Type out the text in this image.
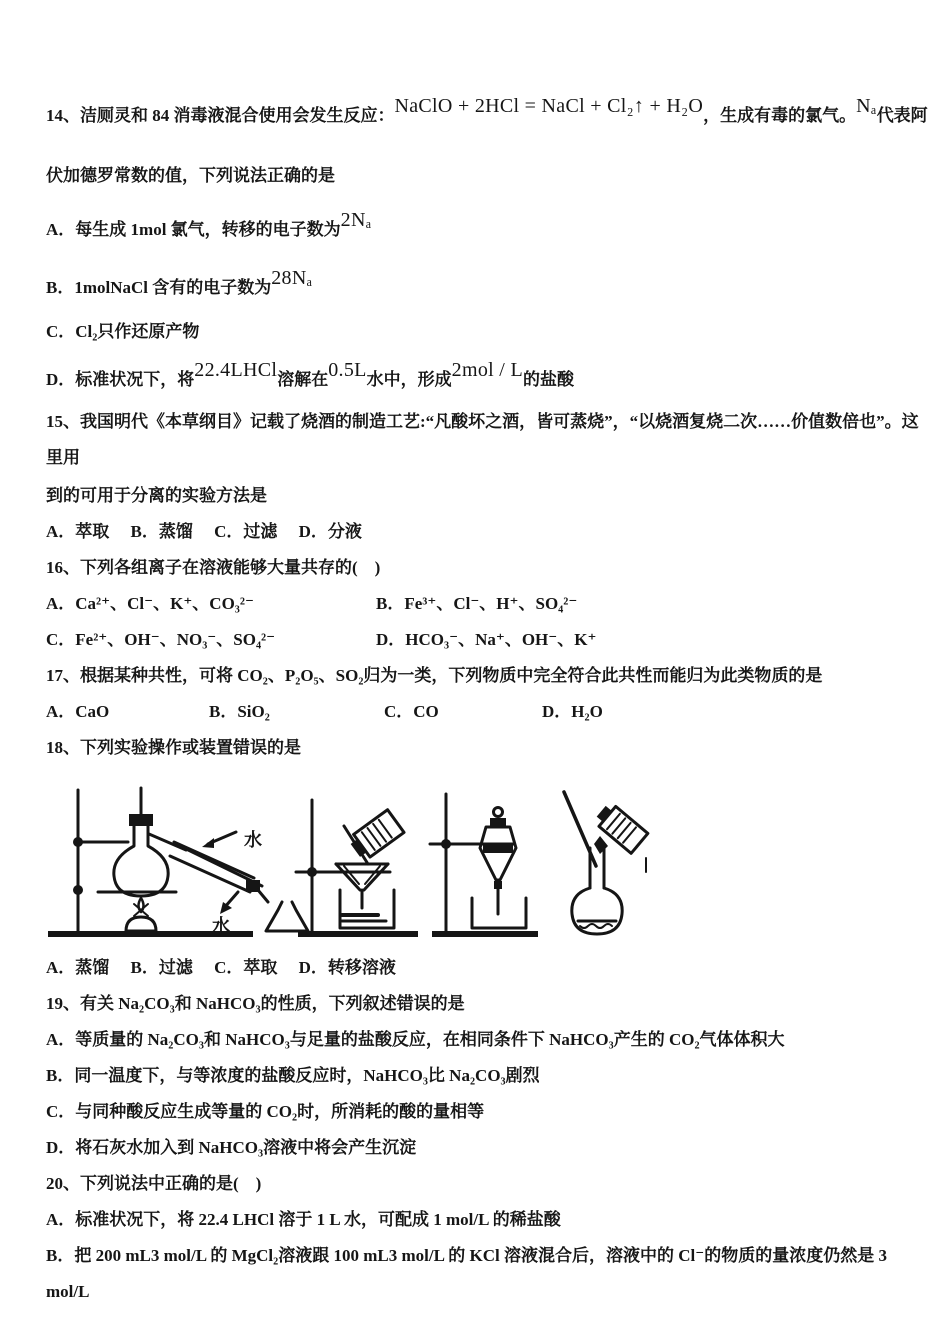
14、洁厕灵和 84 消毒液混合使用会发生反应：NaClO + 2HCl = NaCl + Cl₂↑ + H₂O，生成有毒的氯气。Nₐ代表阿
伏加德罗常数的值，下列说法正确的是
A．每生成 1mol 氯气，转移的电子数为2Nₐ
B．1molNaCl 含有的电子数为28Nₐ
C．Cl₂只作还原产物
D．标准状况下，将22.4LHCl溶解在0.5L水中，形成2mol / L的盐酸
15、我国明代《本草纲目》记载了烧酒的制造工艺:“凡酸坏之酒，皆可蒸烧”，“以烧酒复烧二次……价值数倍也”。这里用
到的可用于分离的实验方法是
A．萃取　 B．蒸馏　 C．过滤　 D．分液
16、下列各组离子在溶液能够大量共存的(　)
A．Ca²⁺、Cl⁻、K⁺、CO₃²⁻	B．Fe³⁺、Cl⁻、H⁺、SO₄²⁻
C．Fe²⁺、OH⁻、NO₃⁻、SO₄²⁻	D．HCO₃⁻、Na⁺、OH⁻、K⁺
17、根据某种共性，可将 CO₂、P₂O₅、SO₂归为一类，下列物质中完全符合此共性而能归为此类物质的是
A．CaO	B．SiO₂	C．CO	D．H₂O
18、下列实验操作或装置错误的是
水
水
A．蒸馏　 B．过滤　 C．萃取　 D．转移溶液
19、有关 Na₂CO₃和 NaHCO₃的性质，下列叙述错误的是
A．等质量的 Na₂CO₃和 NaHCO₃与足量的盐酸反应，在相同条件下 NaHCO₃产生的 CO₂气体体积大
B．同一温度下，与等浓度的盐酸反应时，NaHCO₃比 Na₂CO₃剧烈
C．与同种酸反应生成等量的 CO₂时，所消耗的酸的量相等
D．将石灰水加入到 NaHCO₃溶液中将会产生沉淀
20、下列说法中正确的是(　)
A．标准状况下，将 22.4 LHCl 溶于 1 L 水，可配成 1 mol/L 的稀盐酸
B．把 200 mL3 mol/L 的 MgCl₂溶液跟 100 mL3 mol/L 的 KCl 溶液混合后，溶液中的 Cl⁻的物质的量浓度仍然是 3
mol/L
